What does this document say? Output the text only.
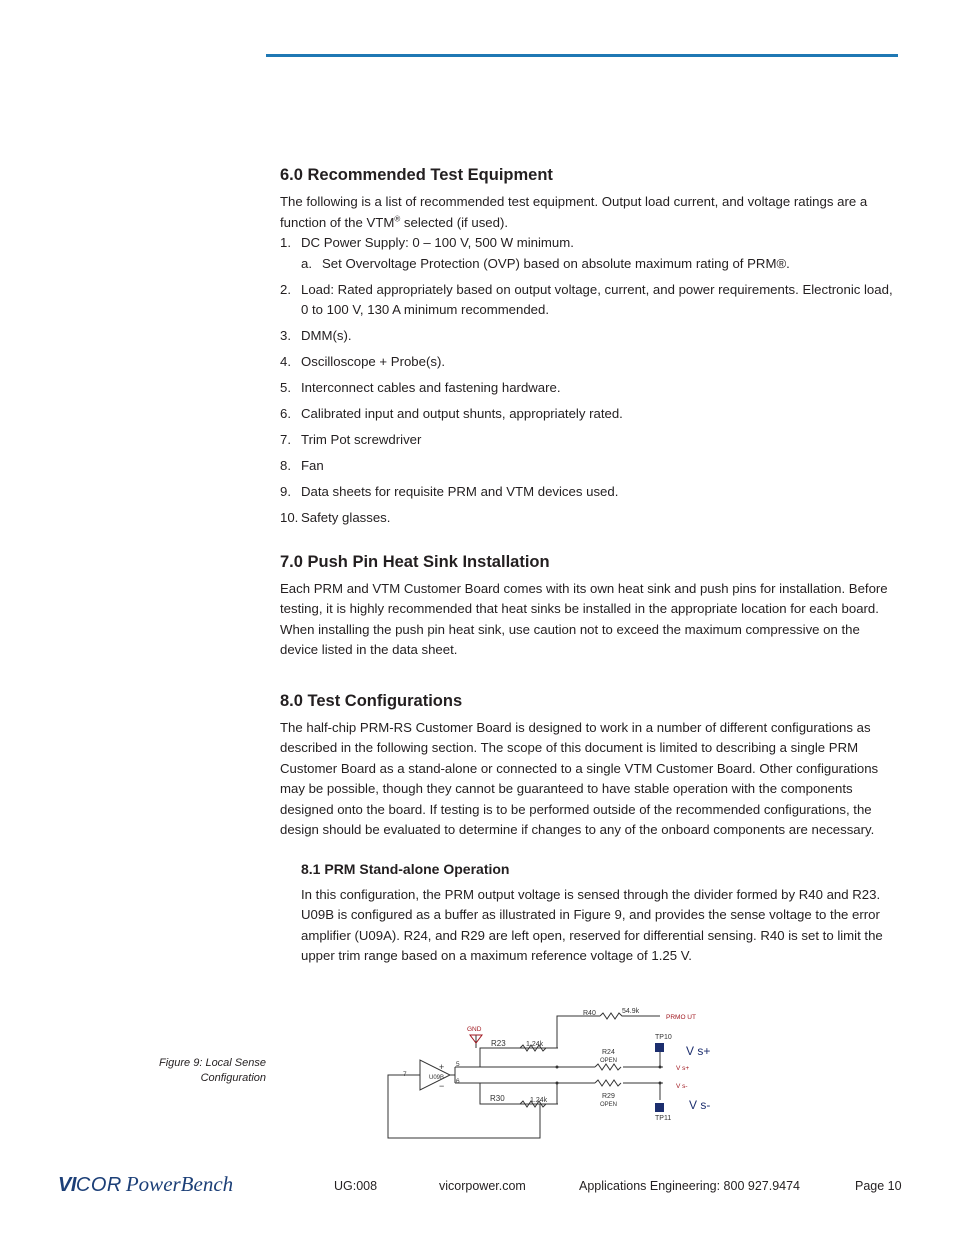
6.0 Recommended Test Equipment

The following is a list of recommended test equipment. Output load current, and voltage ratings are a function of the VTM® selected (if used).

1. DC Power Supply: 0 – 100 V, 500 W minimum.
a. Set Overvoltage Protection (OVP) based on absolute maximum rating of PRM®.
2. Load: Rated appropriately based on output voltage, current, and power requirements. Electronic load, 0 to 100 V, 130 A minimum recommended.
3. DMM(s).
4. Oscilloscope + Probe(s).
5. Interconnect cables and fastening hardware.
6. Calibrated input and output shunts, appropriately rated.
7. Trim Pot screwdriver
8. Fan
9. Data sheets for requisite PRM and VTM devices used.
10. Safety glasses.
7.0 Push Pin Heat Sink Installation

Each PRM and VTM Customer Board comes with its own heat sink and push pins for installation. Before testing, it is highly recommended that heat sinks be installed in the appropriate location for each board. When installing the push pin heat sink, use caution not to exceed the maximum compressive on the device listed in the data sheet.

8.0 Test Configurations

The half-chip PRM-RS Customer Board is designed to work in a number of different configurations as described in the following section. The scope of this document is limited to describing a single PRM Customer Board as a stand-alone or connected to a single VTM Customer Board. Other configurations may be possible, though they cannot be guaranteed to have stable operation with the components designed onto the board. If testing is to be performed outside of the recommended configurations, the design should be evaluated to determine if changes to any of the onboard components are necessary.

8.1 PRM Stand-alone Operation

In this configuration, the PRM output voltage is sensed through the divider formed by R40 and R23. U09B is configured as a buffer as illustrated in Figure 9, and provides the sense voltage to the error amplifier (U09A). R24, and R29 are left open, reserved for differential sensing. R40 is set to limit the upper trim range based on a maximum reference voltage of 1.25 V.

Figure 9: Local Sense
Configuration
R40	54.9k
PRMO UT
GND
R23	1.24k
TP10
V s+
R24
OPEN
V s+
7
5
6
U09B
+
−	V s-
R30	1.24k
R29
OPEN	V s-
TP11
VICOR PowerBench	UG:008	vicorpower.com	Applications Engineering: 800 927.9474	Page 10
